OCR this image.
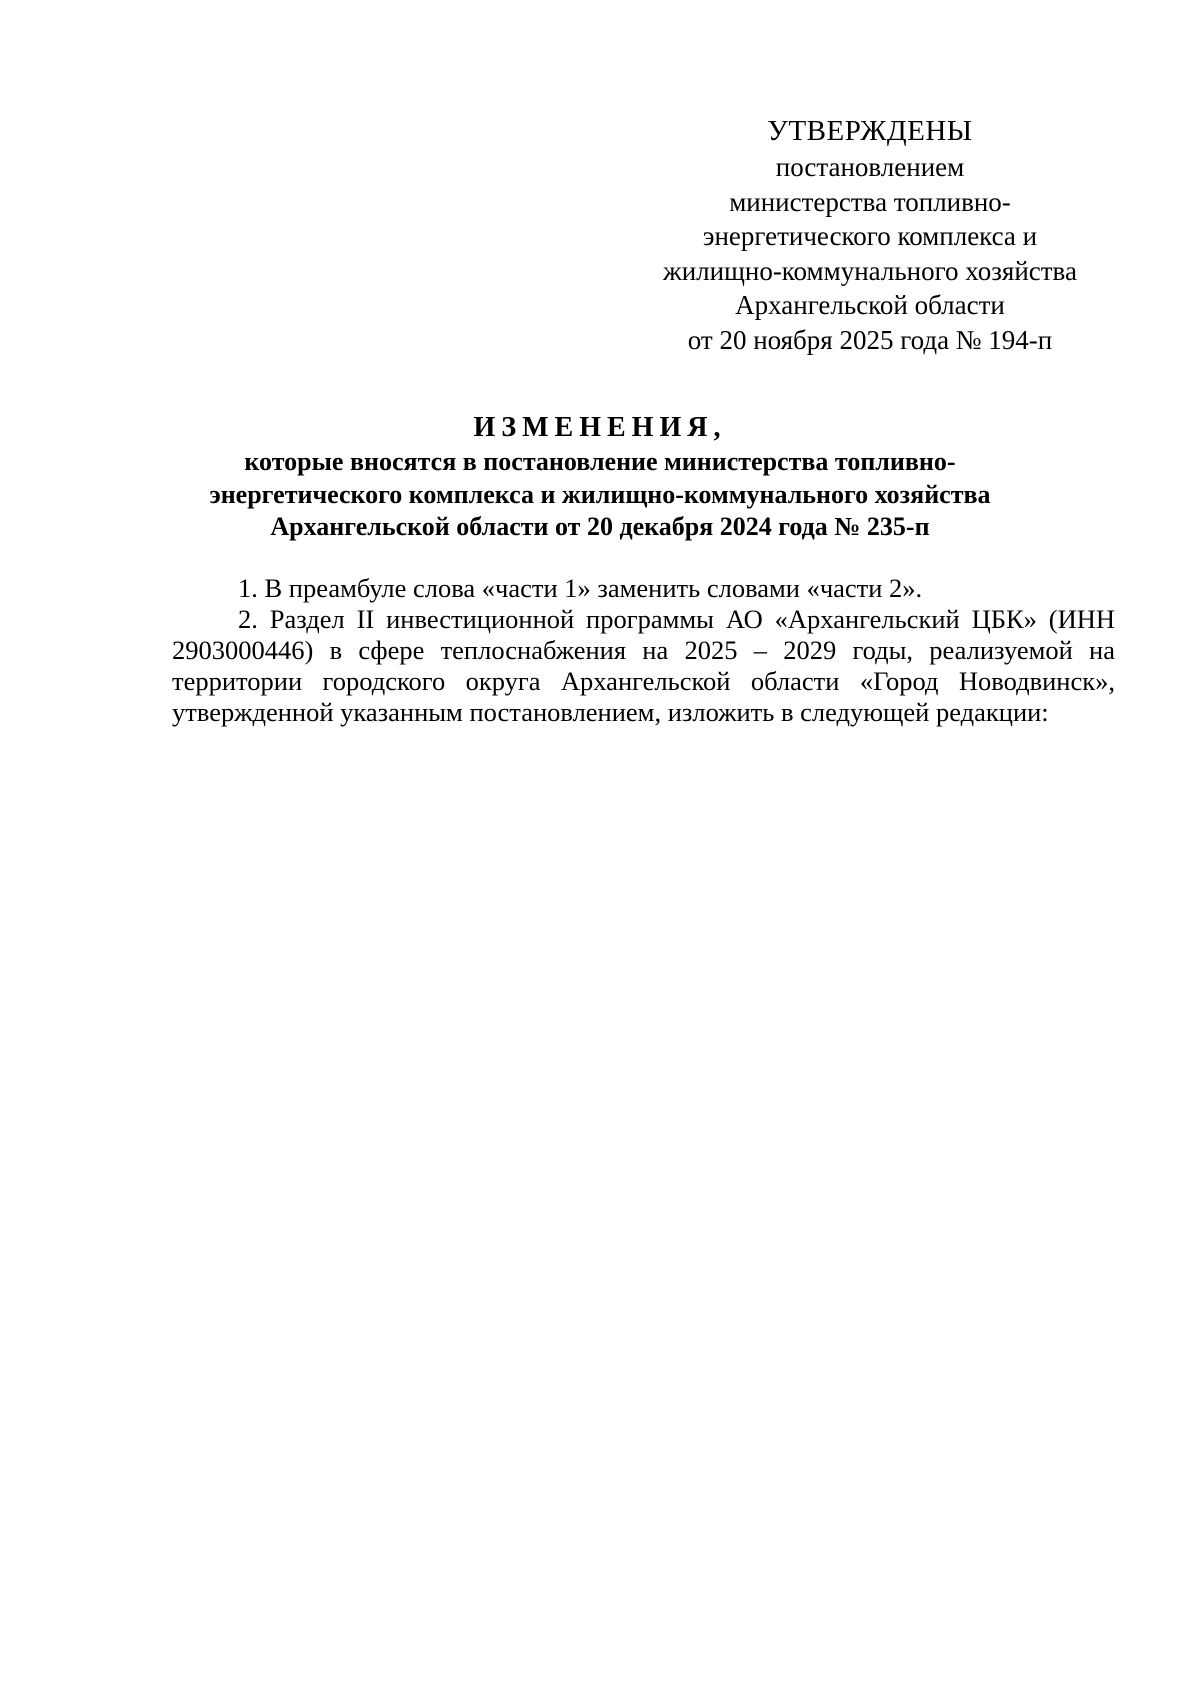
УТВЕРЖДЕНЫ
постановлением
министерства топливно-
энергетического комплекса и
жилищно-коммунального хозяйства
Архангельской области
от 20 ноября 2025 года № 194-п
ИЗМЕНЕНИЯ,
которые вносятся в постановление министерства топливно-
энергетического комплекса и жилищно-коммунального хозяйства
Архангельской области от 20 декабря 2024 года № 235-п

1. В преамбуле слова «части 1» заменить словами «части 2».

2. Раздел II инвестиционной программы АО «Архангельский ЦБК» (ИНН 2903000446) в сфере теплоснабжения на 2025 – 2029 годы, реализуемой на территории городского округа Архангельской области «Город Новодвинск», утвержденной указанным постановлением, изложить в следующей редакции:
